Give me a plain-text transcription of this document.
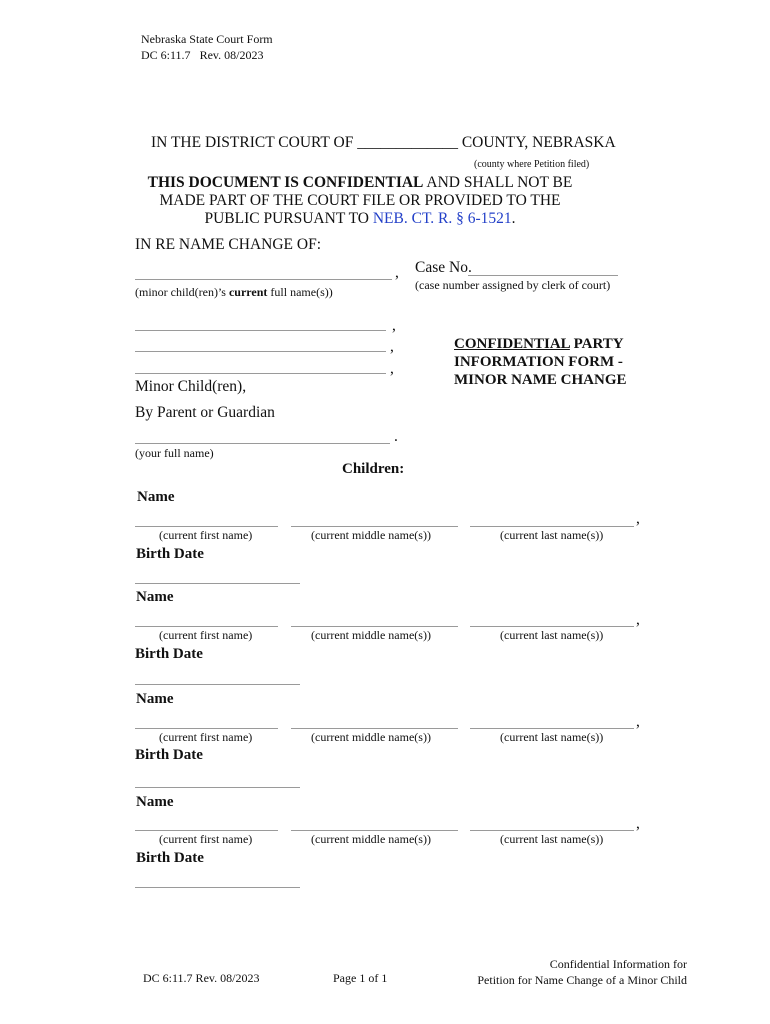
Nebraska State Court Form
DC 6:11.7 Rev. 08/2023
IN THE DISTRICT COURT OF _____________ COUNTY, NEBRASKA
(county where Petition filed)
THIS DOCUMENT IS CONFIDENTIAL AND SHALL NOT BE
MADE PART OF THE COURT FILE OR PROVIDED TO THE
PUBLIC PURSUANT TO NEB. CT. R. § 6-1521.
IN RE NAME CHANGE OF:
,
(minor child(ren)’s current full name(s))
Case No.
(case number assigned by clerk of court)
,
,
,
Minor Child(ren),
By Parent or Guardian
.
(your full name)
CONFIDENTIAL PARTY
INFORMATION FORM -
MINOR NAME CHANGE
Children:
Name
,
(current first name)	(current middle name(s))	(current last name(s))
Birth Date
Name
,
(current first name)	(current middle name(s))	(current last name(s))
Birth Date
Name
,
(current first name)	(current middle name(s))	(current last name(s))
Birth Date
Name
,
(current first name)	(current middle name(s))	(current last name(s))
Birth Date
DC 6:11.7 Rev. 08/2023	Page 1 of 1
Confidential Information for
Petition for Name Change of a Minor Child
